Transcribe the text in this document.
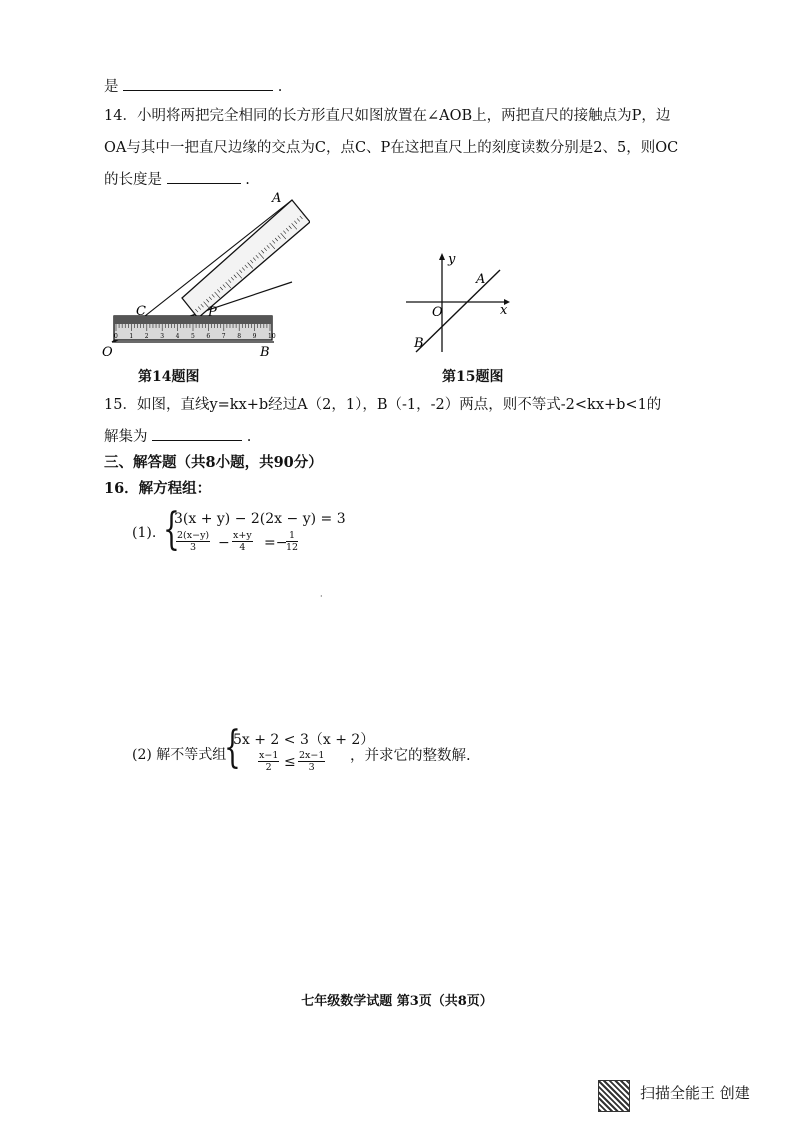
是	.
14．小明将两把完全相同的长方形直尺如图放置在∠AOB上，两把直尺的接触点为P，边
OA与其中一把直尺边缘的交点为C，点C、P在这把直尺上的刻度读数分别是2、5，则OC
的长度是	.
0 1 2 3 4 5 6 7 8 9 10
A
C	P
O	B
第14题图
y
x
O
A
B
第15题图
15．如图，直线y=kx+b经过A（2，1），B（-1，-2）两点，则不等式-2<kx+b<1的
解集为	.
三、解答题（共8小题，共90分）
16．解方程组：
(1). {
3(x + y) − 2(2x − y) = 3
$\frac{2(x-y)}{3} - \frac{x+y}{4}$ =−
$\frac{1}{12}$
·
(2) 解不等式组
{
5x + 2 < 3（x + 2）
$\frac{x-1}{2} \le \frac{2x-1}{3}$ ，并求它的整数解.
七年级数学试题 第3页（共8页）
扫描全能王 创建
